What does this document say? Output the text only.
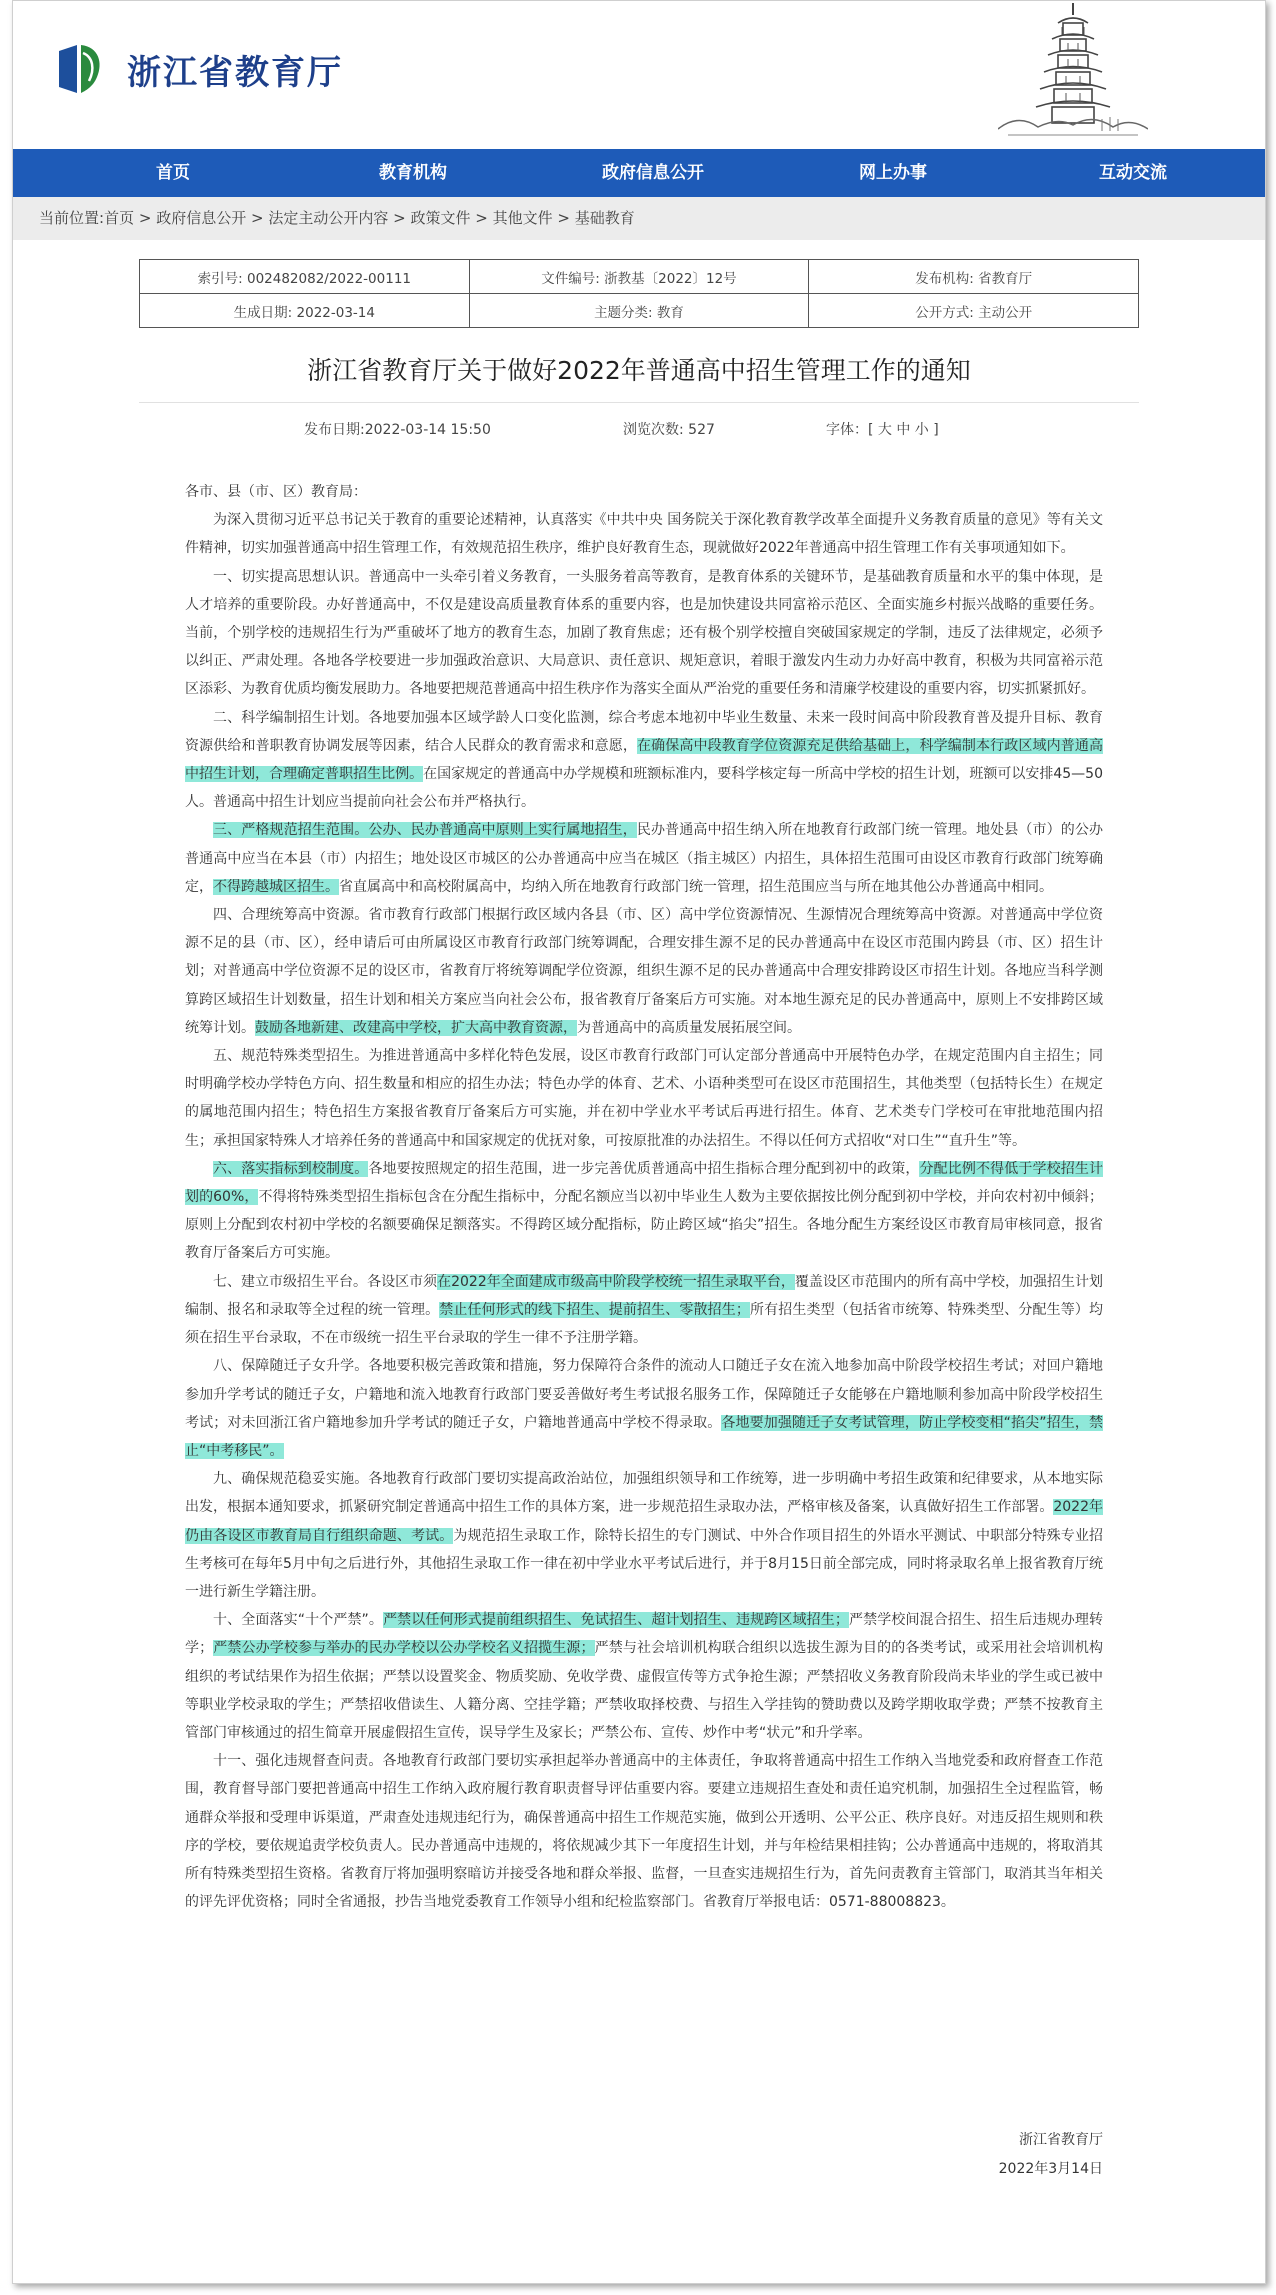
浙江省教育厅
首页	教育机构	政府信息公开	网上办事	互动交流
当前位置:首页 > 政府信息公开 > 法定主动公开内容 > 政策文件 > 其他文件 > 基础教育
索引号: 002482082/2022-00111	文件编号: 浙教基〔2022〕12号	发布机构: 省教育厅
生成日期: 2022-03-14	主题分类: 教育	公开方式: 主动公开
浙江省教育厅关于做好2022年普通高中招生管理工作的通知
发布日期:2022-03-14 15:50	浏览次数: 527	字体：[ 大 中 小 ]

各市、县（市、区）教育局：

为深入贯彻习近平总书记关于教育的重要论述精神，认真落实《中共中央 国务院关于深化教育教学改革全面提升义务教育质量的意见》等有关文件精神，切实加强普通高中招生管理工作，有效规范招生秩序，维护良好教育生态，现就做好2022年普通高中招生管理工作有关事项通知如下。

一、切实提高思想认识。普通高中一头牵引着义务教育，一头服务着高等教育，是教育体系的关键环节，是基础教育质量和水平的集中体现，是人才培养的重要阶段。办好普通高中，不仅是建设高质量教育体系的重要内容，也是加快建设共同富裕示范区、全面实施乡村振兴战略的重要任务。当前，个别学校的违规招生行为严重破坏了地方的教育生态，加剧了教育焦虑；还有极个别学校擅自突破国家规定的学制，违反了法律规定，必须予以纠正、严肃处理。各地各学校要进一步加强政治意识、大局意识、责任意识、规矩意识，着眼于激发内生动力办好高中教育，积极为共同富裕示范区添彩、为教育优质均衡发展助力。各地要把规范普通高中招生秩序作为落实全面从严治党的重要任务和清廉学校建设的重要内容，切实抓紧抓好。

二、科学编制招生计划。各地要加强本区域学龄人口变化监测，综合考虑本地初中毕业生数量、未来一段时间高中阶段教育普及提升目标、教育资源供给和普职教育协调发展等因素，结合人民群众的教育需求和意愿，在确保高中段教育学位资源充足供给基础上，科学编制本行政区域内普通高中招生计划，合理确定普职招生比例。在国家规定的普通高中办学规模和班额标准内，要科学核定每一所高中学校的招生计划，班额可以安排45—50人。普通高中招生计划应当提前向社会公布并严格执行。

三、严格规范招生范围。公办、民办普通高中原则上实行属地招生，民办普通高中招生纳入所在地教育行政部门统一管理。地处县（市）的公办普通高中应当在本县（市）内招生；地处设区市城区的公办普通高中应当在城区（指主城区）内招生，具体招生范围可由设区市教育行政部门统筹确定，不得跨越城区招生。省直属高中和高校附属高中，均纳入所在地教育行政部门统一管理，招生范围应当与所在地其他公办普通高中相同。

四、合理统筹高中资源。省市教育行政部门根据行政区域内各县（市、区）高中学位资源情况、生源情况合理统筹高中资源。对普通高中学位资源不足的县（市、区），经申请后可由所属设区市教育行政部门统筹调配，合理安排生源不足的民办普通高中在设区市范围内跨县（市、区）招生计划；对普通高中学位资源不足的设区市，省教育厅将统筹调配学位资源，组织生源不足的民办普通高中合理安排跨设区市招生计划。各地应当科学测算跨区域招生计划数量，招生计划和相关方案应当向社会公布，报省教育厅备案后方可实施。对本地生源充足的民办普通高中，原则上不安排跨区域统筹计划。鼓励各地新建、改建高中学校，扩大高中教育资源，为普通高中的高质量发展拓展空间。

五、规范特殊类型招生。为推进普通高中多样化特色发展，设区市教育行政部门可认定部分普通高中开展特色办学，在规定范围内自主招生；同时明确学校办学特色方向、招生数量和相应的招生办法；特色办学的体育、艺术、小语种类型可在设区市范围招生，其他类型（包括特长生）在规定的属地范围内招生；特色招生方案报省教育厅备案后方可实施，并在初中学业水平考试后再进行招生。体育、艺术类专门学校可在审批地范围内招生；承担国家特殊人才培养任务的普通高中和国家规定的优抚对象，可按原批准的办法招生。不得以任何方式招收“对口生”“直升生”等。

六、落实指标到校制度。各地要按照规定的招生范围，进一步完善优质普通高中招生指标合理分配到初中的政策，分配比例不得低于学校招生计划的60%，不得将特殊类型招生指标包含在分配生指标中，分配名额应当以初中毕业生人数为主要依据按比例分配到初中学校，并向农村初中倾斜；原则上分配到农村初中学校的名额要确保足额落实。不得跨区域分配指标，防止跨区域“掐尖”招生。各地分配生方案经设区市教育局审核同意，报省教育厅备案后方可实施。

七、建立市级招生平台。各设区市须在2022年全面建成市级高中阶段学校统一招生录取平台，覆盖设区市范围内的所有高中学校，加强招生计划编制、报名和录取等全过程的统一管理。禁止任何形式的线下招生、提前招生、零散招生；所有招生类型（包括省市统筹、特殊类型、分配生等）均须在招生平台录取，不在市级统一招生平台录取的学生一律不予注册学籍。

八、保障随迁子女升学。各地要积极完善政策和措施，努力保障符合条件的流动人口随迁子女在流入地参加高中阶段学校招生考试；对回户籍地参加升学考试的随迁子女，户籍地和流入地教育行政部门要妥善做好考生考试报名服务工作，保障随迁子女能够在户籍地顺利参加高中阶段学校招生考试；对未回浙江省户籍地参加升学考试的随迁子女，户籍地普通高中学校不得录取。各地要加强随迁子女考试管理，防止学校变相“掐尖”招生，禁止“中考移民”。

九、确保规范稳妥实施。各地教育行政部门要切实提高政治站位，加强组织领导和工作统筹，进一步明确中考招生政策和纪律要求，从本地实际出发，根据本通知要求，抓紧研究制定普通高中招生工作的具体方案，进一步规范招生录取办法，严格审核及备案，认真做好招生工作部署。2022年仍由各设区市教育局自行组织命题、考试。为规范招生录取工作，除特长招生的专门测试、中外合作项目招生的外语水平测试、中职部分特殊专业招生考核可在每年5月中旬之后进行外，其他招生录取工作一律在初中学业水平考试后进行，并于8月15日前全部完成，同时将录取名单上报省教育厅统一进行新生学籍注册。

十、全面落实“十个严禁”。严禁以任何形式提前组织招生、免试招生、超计划招生、违规跨区域招生；严禁学校间混合招生、招生后违规办理转学；严禁公办学校参与举办的民办学校以公办学校名义招揽生源；严禁与社会培训机构联合组织以选拔生源为目的的各类考试，或采用社会培训机构组织的考试结果作为招生依据；严禁以设置奖金、物质奖励、免收学费、虚假宣传等方式争抢生源；严禁招收义务教育阶段尚未毕业的学生或已被中等职业学校录取的学生；严禁招收借读生、人籍分离、空挂学籍；严禁收取择校费、与招生入学挂钩的赞助费以及跨学期收取学费；严禁不按教育主管部门审核通过的招生简章开展虚假招生宣传，误导学生及家长；严禁公布、宣传、炒作中考“状元”和升学率。

十一、强化违规督查问责。各地教育行政部门要切实承担起举办普通高中的主体责任，争取将普通高中招生工作纳入当地党委和政府督查工作范围，教育督导部门要把普通高中招生工作纳入政府履行教育职责督导评估重要内容。要建立违规招生查处和责任追究机制，加强招生全过程监管，畅通群众举报和受理申诉渠道，严肃查处违规违纪行为，确保普通高中招生工作规范实施，做到公开透明、公平公正、秩序良好。对违反招生规则和秩序的学校，要依规追责学校负责人。民办普通高中违规的，将依规减少其下一年度招生计划，并与年检结果相挂钩；公办普通高中违规的，将取消其所有特殊类型招生资格。省教育厅将加强明察暗访并接受各地和群众举报、监督，一旦查实违规招生行为，首先问责教育主管部门，取消其当年相关的评先评优资格；同时全省通报，抄告当地党委教育工作领导小组和纪检监察部门。省教育厅举报电话：0571-88008823。

浙江省教育厅
2022年3月14日
